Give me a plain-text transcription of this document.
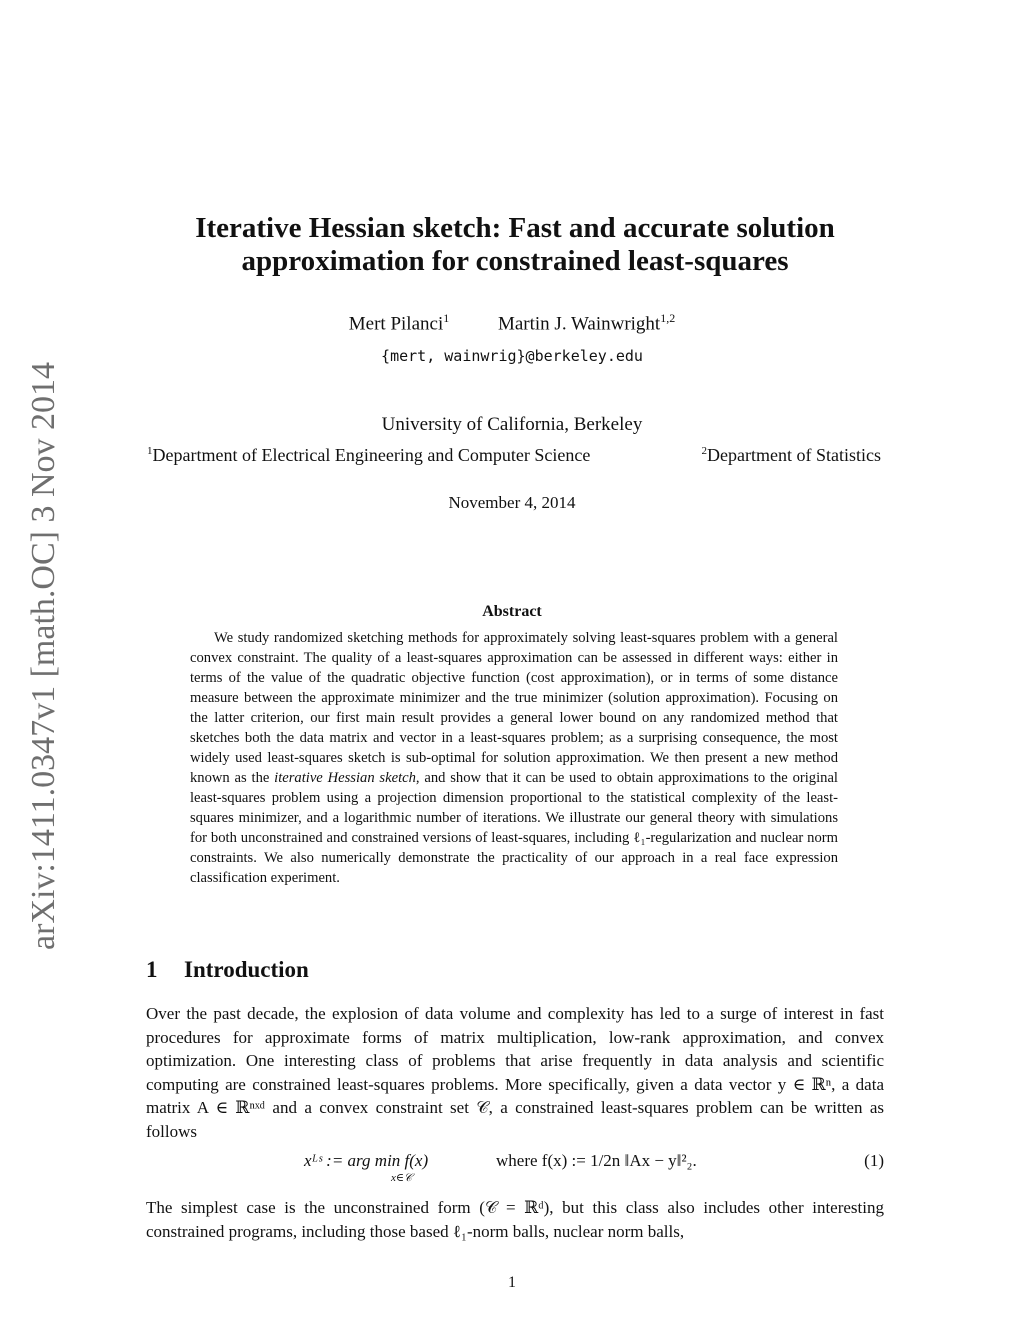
arXiv:1411.0347v1 [math.OC] 3 Nov 2014
Iterative Hessian sketch: Fast and accurate solution approximation for constrained least-squares
Mert Pilanci$^1$	Martin J. Wainwright$^{1,2}$
{mert, wainwrig}@berkeley.edu
University of California, Berkeley
$^1$Department of Electrical Engineering and Computer Science	$^2$Department of Statistics
November 4, 2014
Abstract

We study randomized sketching methods for approximately solving least-squares problem with a general convex constraint. The quality of a least-squares approximation can be assessed in different ways: either in terms of the value of the quadratic objective function (cost approximation), or in terms of some distance measure between the approximate minimizer and the true minimizer (solution approximation). Focusing on the latter criterion, our first main result provides a general lower bound on any randomized method that sketches both the data matrix and vector in a least-squares problem; as a surprising consequence, the most widely used least-squares sketch is sub-optimal for solution approximation. We then present a new method known as the iterative Hessian sketch, and show that it can be used to obtain approximations to the original least-squares problem using a projection dimension proportional to the statistical complexity of the least-squares minimizer, and a logarithmic number of iterations. We illustrate our general theory with simulations for both unconstrained and constrained versions of least-squares, including ℓ₁-regularization and nuclear norm constraints. We also numerically demonstrate the practicality of our approach in a real face expression classification experiment.

1 Introduction

Over the past decade, the explosion of data volume and complexity has led to a surge of interest in fast procedures for approximate forms of matrix multiplication, low-rank approximation, and convex optimization. One interesting class of problems that arise frequently in data analysis and scientific computing are constrained least-squares problems. More specifically, given a data vector y ∈ ℝⁿ, a data matrix A ∈ ℝⁿˣᵈ and a convex constraint set 𝒞, a constrained least-squares problem can be written as follows

xᴸˢ := arg min f(x)
x∈𝒞
where f(x) := 1/2n ‖Ax − y‖²₂.	(1)

The simplest case is the unconstrained form (𝒞 = ℝᵈ), but this class also includes other interesting constrained programs, including those based ℓ₁-norm balls, nuclear norm balls,

1
